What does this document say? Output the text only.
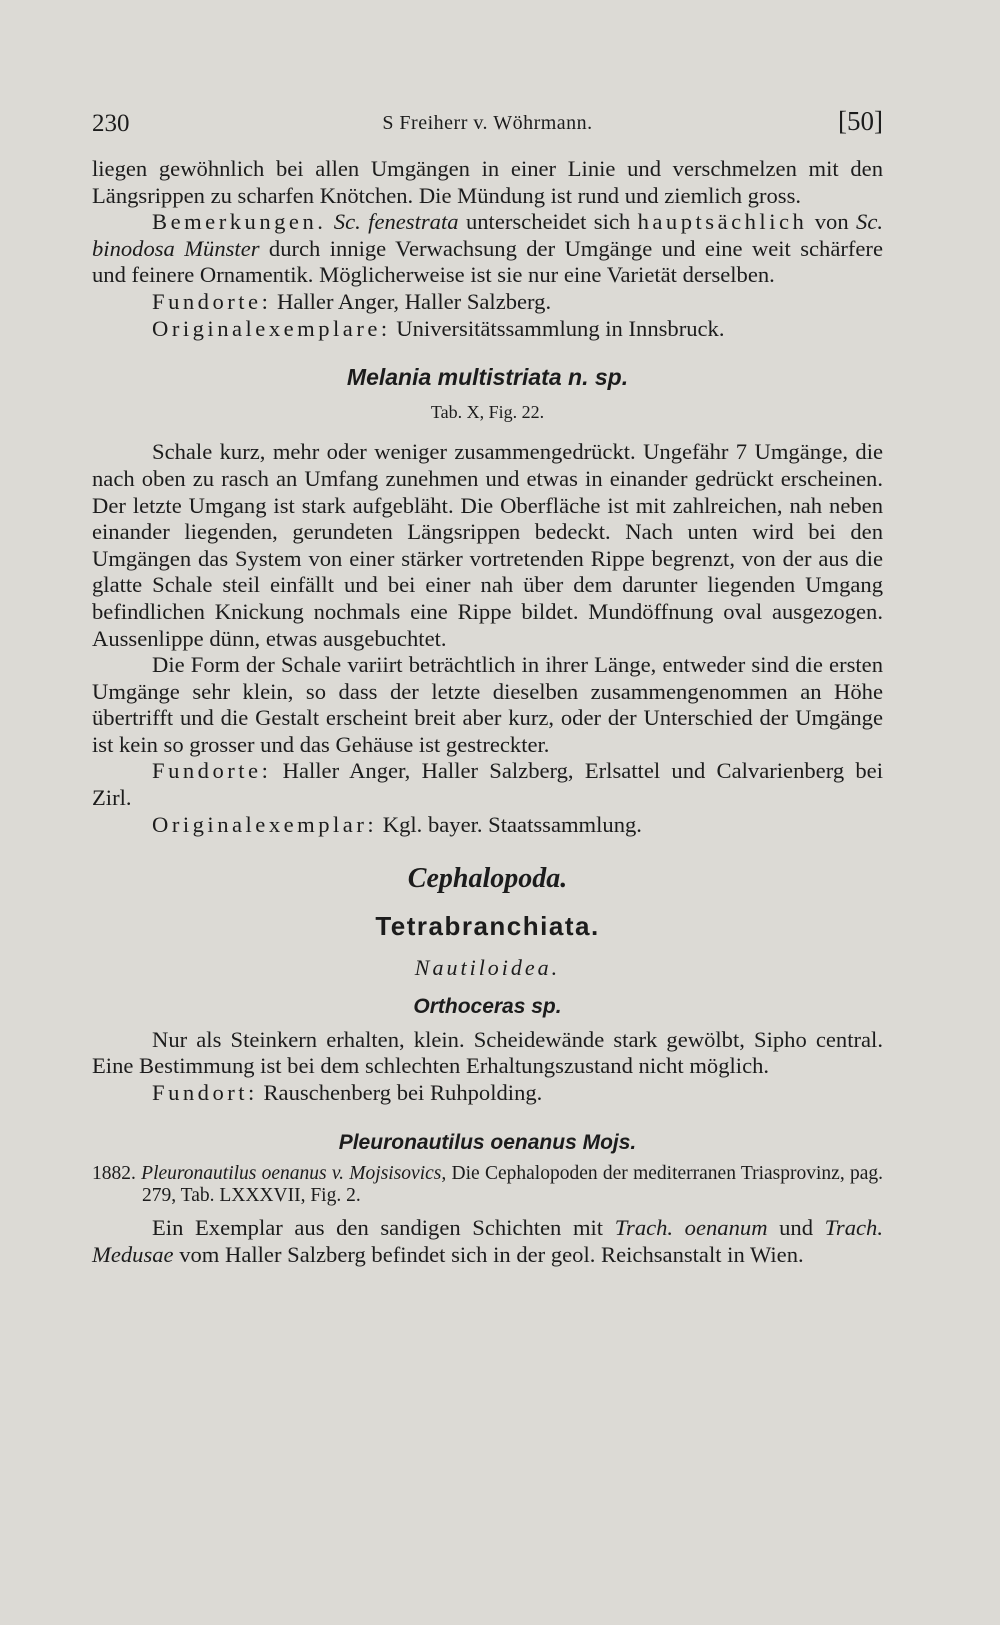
230	S Freiherr v. Wöhrmann.	[50]

liegen gewöhnlich bei allen Umgängen in einer Linie und verschmelzen mit den Längsrippen zu scharfen Knötchen. Die Mündung ist rund und ziemlich gross.

Bemerkungen. Sc. fenestrata unterscheidet sich hauptsächlich von Sc. binodosa Münster durch innige Verwachsung der Umgänge und eine weit schärfere und feinere Ornamentik. Möglicherweise ist sie nur eine Varietät derselben.

Fundorte: Haller Anger, Haller Salzberg.

Originalexemplare: Universitätssammlung in Innsbruck.

Melania multistriata n. sp.
Tab. X, Fig. 22.

Schale kurz, mehr oder weniger zusammengedrückt. Ungefähr 7 Umgänge, die nach oben zu rasch an Umfang zunehmen und etwas in einander gedrückt erscheinen. Der letzte Umgang ist stark aufgebläht. Die Oberfläche ist mit zahlreichen, nah neben einander liegenden, gerundeten Längsrippen bedeckt. Nach unten wird bei den Umgängen das System von einer stärker vortretenden Rippe begrenzt, von der aus die glatte Schale steil einfällt und bei einer nah über dem darunter liegenden Umgang befindlichen Knickung nochmals eine Rippe bildet. Mundöffnung oval ausgezogen. Aussenlippe dünn, etwas ausgebuchtet.

Die Form der Schale variirt beträchtlich in ihrer Länge, entweder sind die ersten Umgänge sehr klein, so dass der letzte dieselben zusammengenommen an Höhe übertrifft und die Gestalt erscheint breit aber kurz, oder der Unterschied der Umgänge ist kein so grosser und das Gehäuse ist gestreckter.

Fundorte: Haller Anger, Haller Salzberg, Erlsattel und Calvarienberg bei Zirl.

Originalexemplar: Kgl. bayer. Staatssammlung.

Cephalopoda.
Tetrabranchiata.
Nautiloidea.
Orthoceras sp.

Nur als Steinkern erhalten, klein. Scheidewände stark gewölbt, Sipho central. Eine Bestimmung ist bei dem schlechten Erhaltungszustand nicht möglich.

Fundort: Rauschenberg bei Ruhpolding.

Pleuronautilus oenanus Mojs.

1882. Pleuronautilus oenanus v. Mojsisovics, Die Cephalopoden der mediterranen Triasprovinz, pag. 279, Tab. LXXXVII, Fig. 2.

Ein Exemplar aus den sandigen Schichten mit Trach. oenanum und Trach. Medusae vom Haller Salzberg befindet sich in der geol. Reichsanstalt in Wien.
